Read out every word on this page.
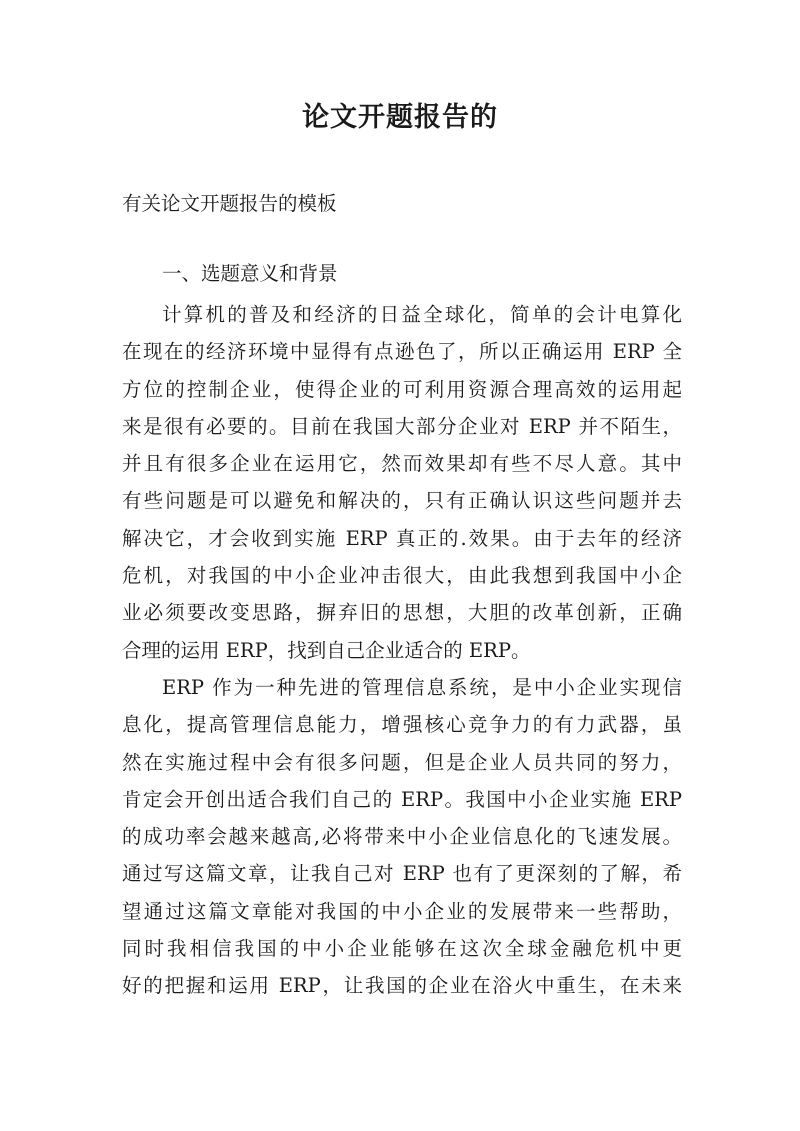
论文开题报告的
有关论文开题报告的模板
一、选题意义和背景
计算机的普及和经济的日益全球化，简单的会计电算化
在现在的经济环境中显得有点逊色了，所以正确运用 ERP 全
方位的控制企业，使得企业的可利用资源合理高效的运用起
来是很有必要的。目前在我国大部分企业对 ERP 并不陌生，
并且有很多企业在运用它，然而效果却有些不尽人意。其中
有些问题是可以避免和解决的，只有正确认识这些问题并去
解决它，才会收到实施 ERP 真正的.效果。由于去年的经济
危机，对我国的中小企业冲击很大，由此我想到我国中小企
业必须要改变思路，摒弃旧的思想，大胆的改革创新，正确
合理的运用 ERP，找到自己企业适合的 ERP。
ERP 作为一种先进的管理信息系统，是中小企业实现信
息化，提高管理信息能力，增强核心竞争力的有力武器，虽
然在实施过程中会有很多问题，但是企业人员共同的努力，
肯定会开创出适合我们自己的 ERP。我国中小企业实施 ERP
的成功率会越来越高,必将带来中小企业信息化的飞速发展。
通过写这篇文章，让我自己对 ERP 也有了更深刻的了解，希
望通过这篇文章能对我国的中小企业的发展带来一些帮助，
同时我相信我国的中小企业能够在这次全球金融危机中更
好的把握和运用 ERP，让我国的企业在浴火中重生，在未来
